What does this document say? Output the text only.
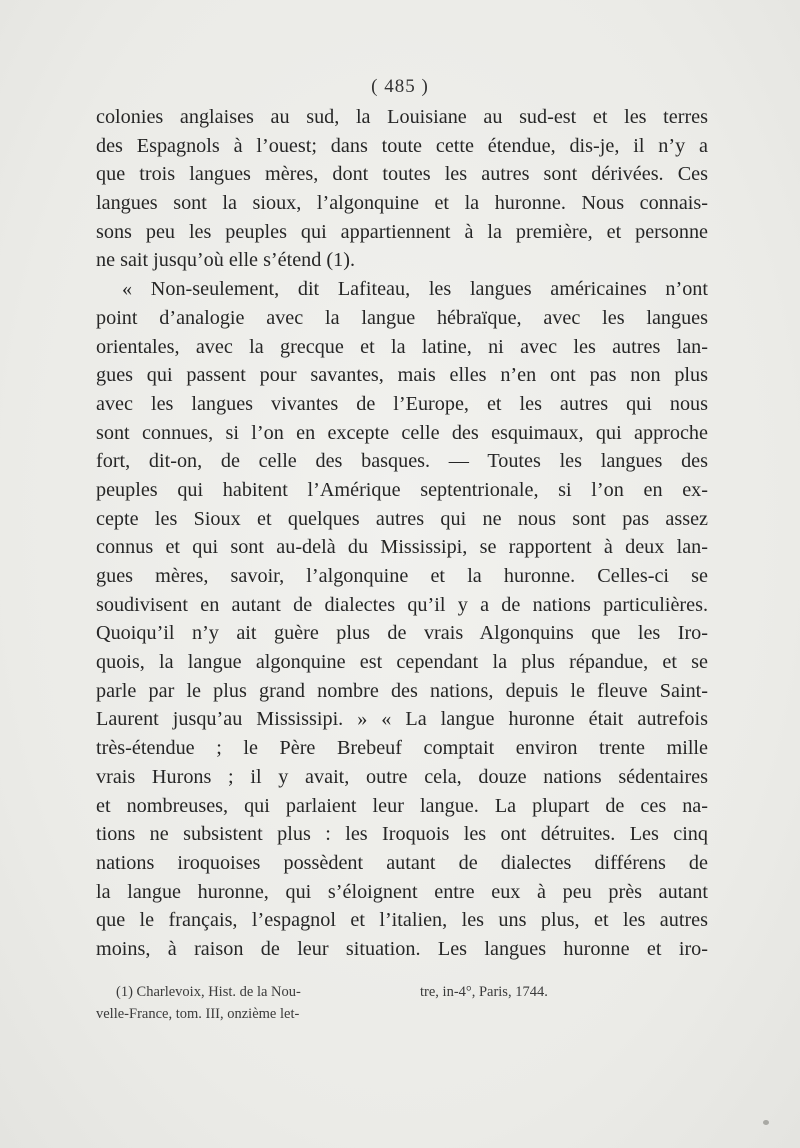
( 485 )
colonies anglaises au sud, la Louisiane au sud-est et les terres
des Espagnols à l’ouest; dans toute cette étendue, dis-je, il n’y a
que trois langues mères, dont toutes les autres sont dérivées. Ces
langues sont la sioux, l’algonquine et la huronne. Nous connais-
sons peu les peuples qui appartiennent à la première, et personne
ne sait jusqu’où elle s’étend (1).
« Non-seulement, dit Lafiteau, les langues américaines n’ont
point d’analogie avec la langue hébraïque, avec les langues
orientales, avec la grecque et la latine, ni avec les autres lan-
gues qui passent pour savantes, mais elles n’en ont pas non plus
avec les langues vivantes de l’Europe, et les autres qui nous
sont connues, si l’on en excepte celle des esquimaux, qui approche
fort, dit-on, de celle des basques. — Toutes les langues des
peuples qui habitent l’Amérique septentrionale, si l’on en ex-
cepte les Sioux et quelques autres qui ne nous sont pas assez
connus et qui sont au-delà du Mississipi, se rapportent à deux lan-
gues mères, savoir, l’algonquine et la huronne. Celles-ci se
soudivisent en autant de dialectes qu’il y a de nations particulières.
Quoiqu’il n’y ait guère plus de vrais Algonquins que les Iro-
quois, la langue algonquine est cependant la plus répandue, et se
parle par le plus grand nombre des nations, depuis le fleuve Saint-
Laurent jusqu’au Mississipi. » « La langue huronne était autrefois
très-étendue ; le Père Brebeuf comptait environ trente mille
vrais Hurons ; il y avait, outre cela, douze nations sédentaires
et nombreuses, qui parlaient leur langue. La plupart de ces na-
tions ne subsistent plus : les Iroquois les ont détruites. Les cinq
nations iroquoises possèdent autant de dialectes différens de
la langue huronne, qui s’éloignent entre eux à peu près autant
que le français, l’espagnol et l’italien, les uns plus, et les autres
moins, à raison de leur situation. Les langues huronne et iro-
(1) Charlevoix, Hist. de la Nou-	tre, in-4°, Paris, 1744.
velle-France, tom. III, onzième let-
